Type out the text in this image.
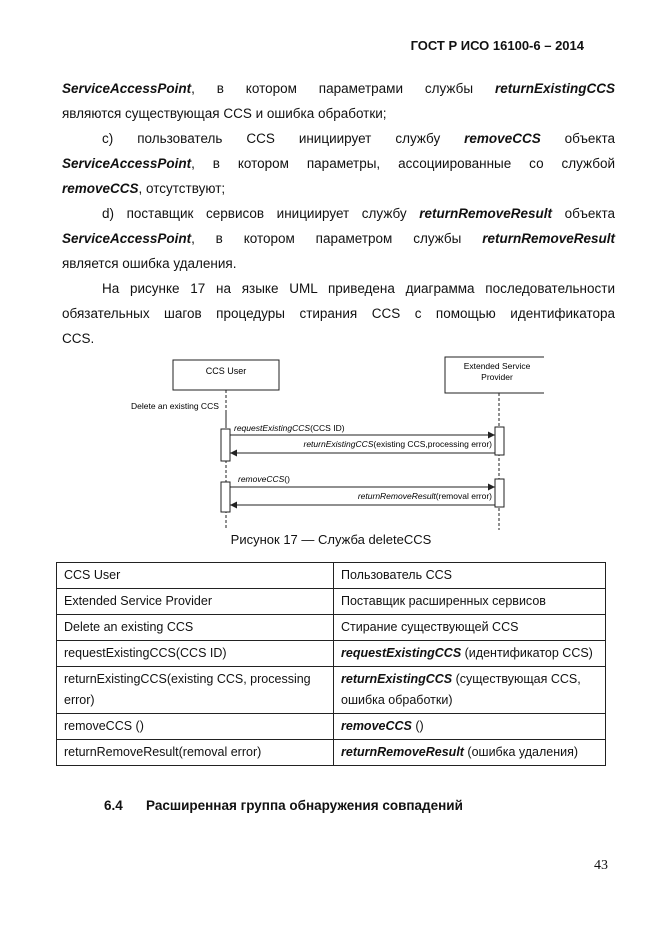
ГОСТ Р ИСО 16100-6 – 2014
ServiceAccessPoint, в котором параметрами службы returnExistingCCS
являются существующая CCS и ошибка обработки;
c) пользователь CCS инициирует службу removeCCS объекта
ServiceAccessPoint, в котором параметры, ассоциированные со службой
removeCCS, отсутствуют;
d) поставщик сервисов инициирует службу returnRemoveResult объекта
ServiceAccessPoint, в котором параметром службы returnRemoveResult
является ошибка удаления.
На рисунке 17 на языке UML приведена диаграмма последовательности
обязательных шагов процедуры стирания CCS с помощью идентификатора
CCS.
CCS User	Extended Service
Provider
Delete an existing CCS
requestExistingCCS(CCS ID)
returnExistingCCS(existing CCS,processing error)
removeCCS()
returnRemoveResult(removal error)
Рисунок 17 — Служба deleteCCS
CCS User	Пользователь CCS
Extended Service Provider	Поставщик расширенных сервисов
Delete an existing CCS	Стирание существующей CCS
requestExistingCCS(CCS ID)	requestExistingCCS (идентификатор CCS)
returnExistingCCS(existing CCS, processing error)	returnExistingCCS (существующая CCS, ошибка обработки)
removeCCS ()	removeCCS ()
returnRemoveResult(removal error)	returnRemoveResult (ошибка удаления)
6.4 Расширенная группа обнаружения совпадений
43
